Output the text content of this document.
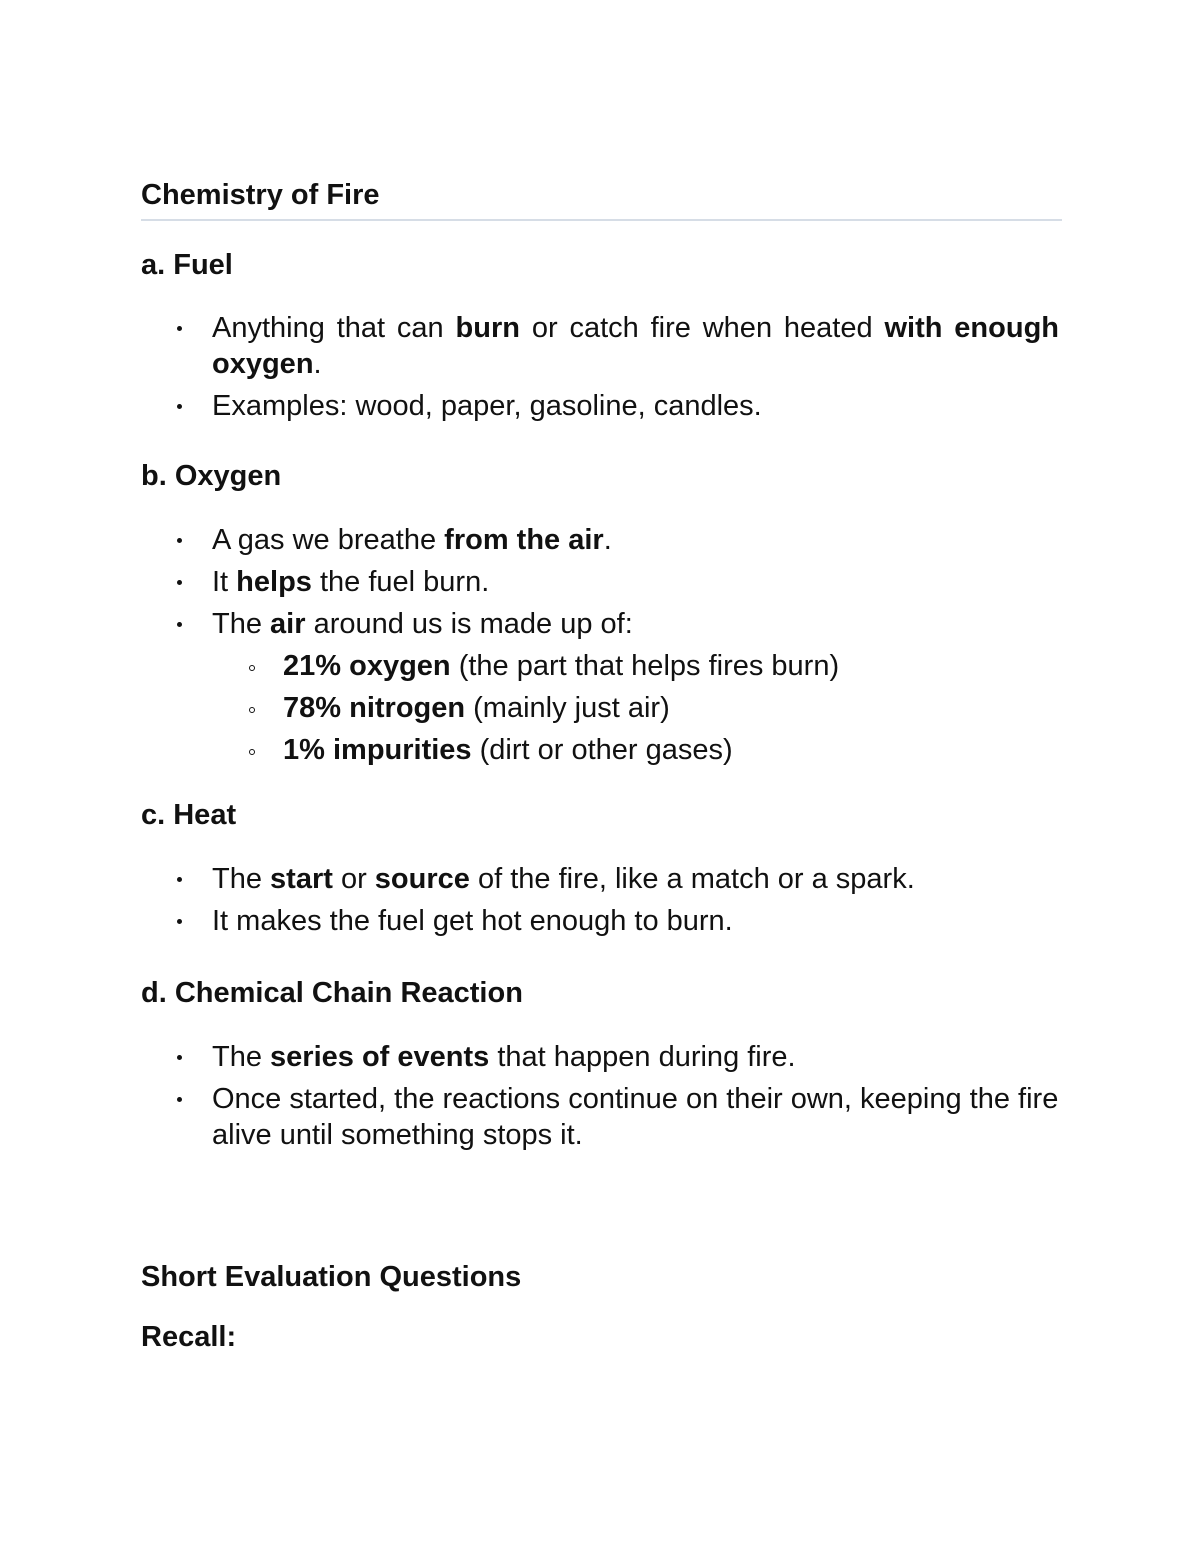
Chemistry of Fire
a. Fuel
Anything that can burn or catch fire when heated with enough oxygen.
Examples: wood, paper, gasoline, candles.
b. Oxygen
A gas we breathe from the air.
It helps the fuel burn.
The air around us is made up of:
21% oxygen (the part that helps fires burn)
78% nitrogen (mainly just air)
1% impurities (dirt or other gases)
c. Heat
The start or source of the fire, like a match or a spark.
It makes the fuel get hot enough to burn.
d. Chemical Chain Reaction
The series of events that happen during fire.
Once started, the reactions continue on their own, keeping the fire alive until something stops it.
Short Evaluation Questions
Recall:
